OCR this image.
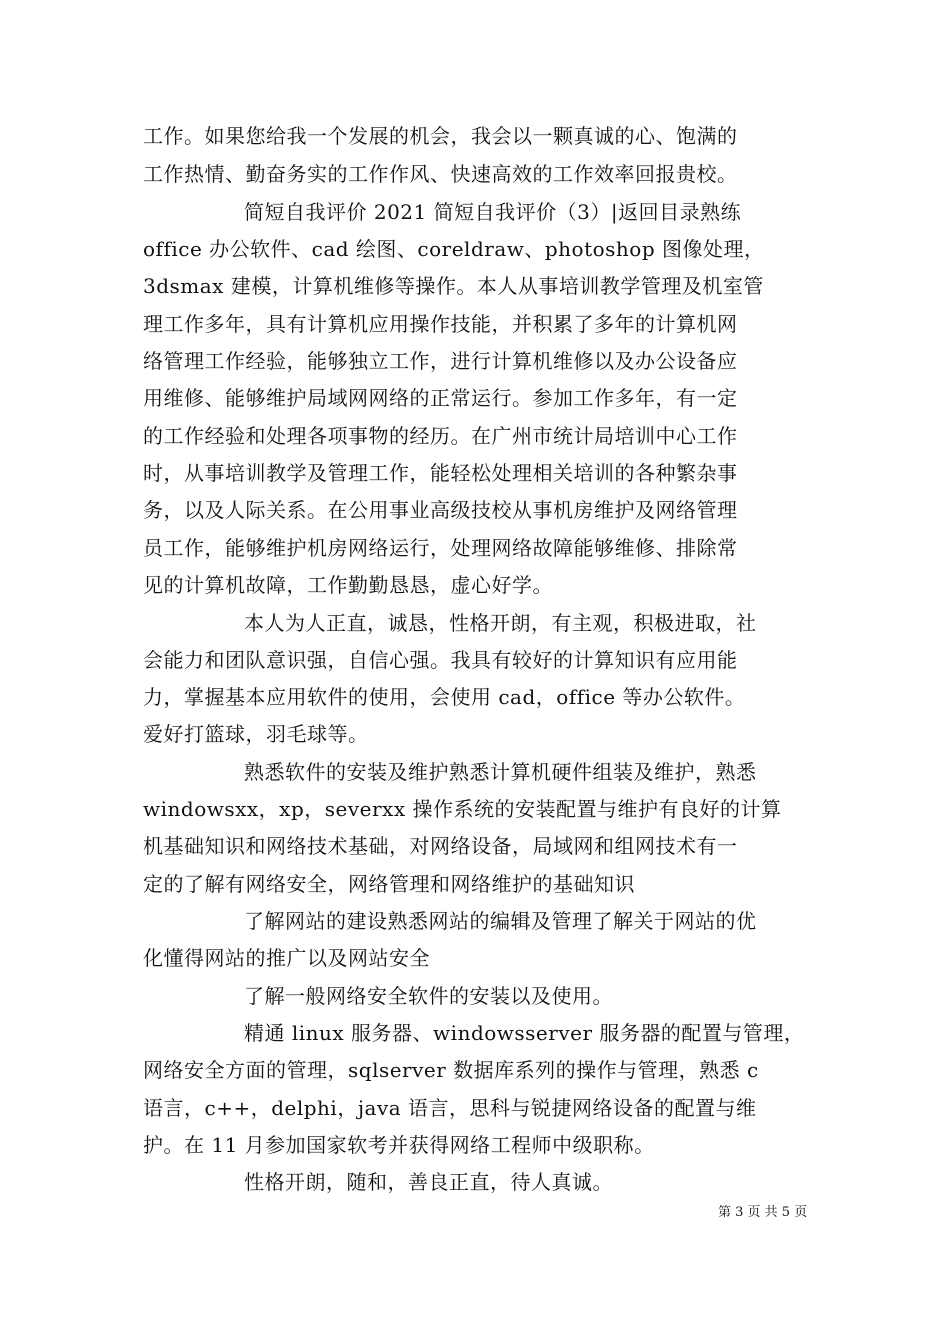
工作。如果您给我一个发展的机会，我会以一颗真诚的心、饱满的
工作热情、勤奋务实的工作作风、快速高效的工作效率回报贵校。
简短自我评价 2021 简短自我评价（3）|返回目录熟练
office 办公软件、cad 绘图、coreldraw、photoshop 图像处理，
3dsmax 建模，计算机维修等操作。本人从事培训教学管理及机室管
理工作多年，具有计算机应用操作技能，并积累了多年的计算机网
络管理工作经验，能够独立工作，进行计算机维修以及办公设备应
用维修、能够维护局域网网络的正常运行。参加工作多年，有一定
的工作经验和处理各项事物的经历。在广州市统计局培训中心工作
时，从事培训教学及管理工作，能轻松处理相关培训的各种繁杂事
务，以及人际关系。在公用事业高级技校从事机房维护及网络管理
员工作，能够维护机房网络运行，处理网络故障能够维修、排除常
见的计算机故障，工作勤勤恳恳，虚心好学。
本人为人正直，诚恳，性格开朗，有主观，积极进取，社
会能力和团队意识强，自信心强。我具有较好的计算知识有应用能
力，掌握基本应用软件的使用，会使用 cad，office 等办公软件。
爱好打篮球，羽毛球等。
熟悉软件的安装及维护熟悉计算机硬件组装及维护，熟悉
windowsxx，xp，severxx 操作系统的安装配置与维护有良好的计算
机基础知识和网络技术基础，对网络设备，局域网和组网技术有一
定的了解有网络安全，网络管理和网络维护的基础知识
了解网站的建设熟悉网站的编辑及管理了解关于网站的优
化懂得网站的推广以及网站安全
了解一般网络安全软件的安装以及使用。
精通 linux 服务器、windowsserver 服务器的配置与管理，
网络安全方面的管理，sqlserver 数据库系列的操作与管理，熟悉 c
语言，c++，delphi，java 语言，思科与锐捷网络设备的配置与维
护。在 11 月参加国家软考并获得网络工程师中级职称。
性格开朗，随和，善良正直，待人真诚。
第 3 页 共 5 页
